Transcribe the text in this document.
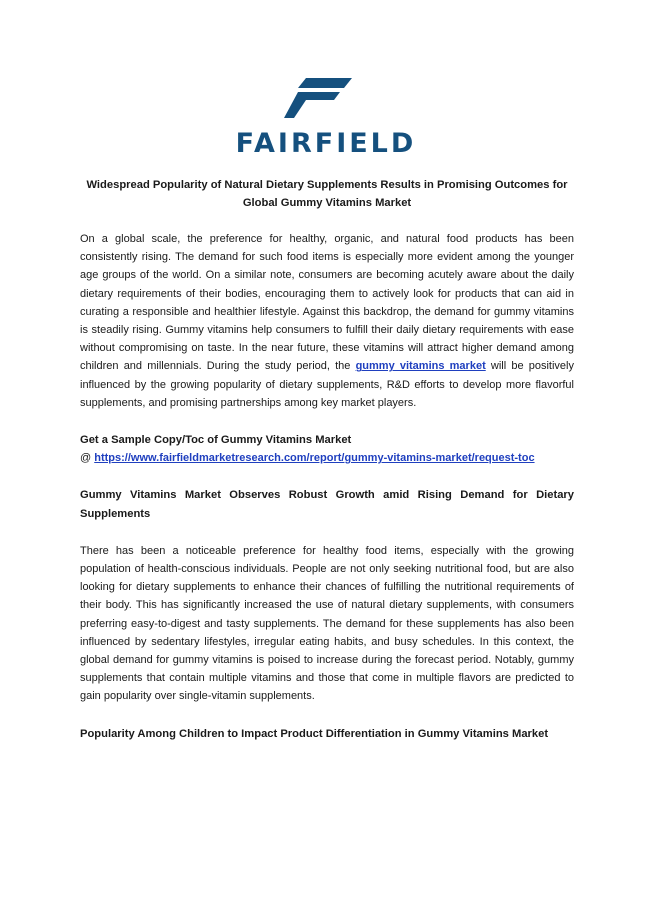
FAIRFIELD
Widespread Popularity of Natural Dietary Supplements Results in Promising Outcomes for Global Gummy Vitamins Market

On a global scale, the preference for healthy, organic, and natural food products has been consistently rising. The demand for such food items is especially more evident among the younger age groups of the world. On a similar note, consumers are becoming acutely aware about the daily dietary requirements of their bodies, encouraging them to actively look for products that can aid in curating a responsible and healthier lifestyle. Against this backdrop, the demand for gummy vitamins is steadily rising. Gummy vitamins help consumers to fulfill their daily dietary requirements with ease without compromising on taste. In the near future, these vitamins will attract higher demand among children and millennials. During the study period, the gummy vitamins market will be positively influenced by the growing popularity of dietary supplements, R&D efforts to develop more flavorful supplements, and promising partnerships among key market players.

Get a Sample Copy/Toc of Gummy Vitamins Market
@ https://www.fairfieldmarketresearch.com/report/gummy-vitamins-market/request-toc
Gummy Vitamins Market Observes Robust Growth amid Rising Demand for Dietary Supplements

There has been a noticeable preference for healthy food items, especially with the growing population of health-conscious individuals. People are not only seeking nutritional food, but are also looking for dietary supplements to enhance their chances of fulfilling the nutritional requirements of their body. This has significantly increased the use of natural dietary supplements, with consumers preferring easy-to-digest and tasty supplements. The demand for these supplements has also been influenced by sedentary lifestyles, irregular eating habits, and busy schedules. In this context, the global demand for gummy vitamins is poised to increase during the forecast period. Notably, gummy supplements that contain multiple vitamins and those that come in multiple flavors are predicted to gain popularity over single-vitamin supplements.

Popularity Among Children to Impact Product Differentiation in Gummy Vitamins Market
